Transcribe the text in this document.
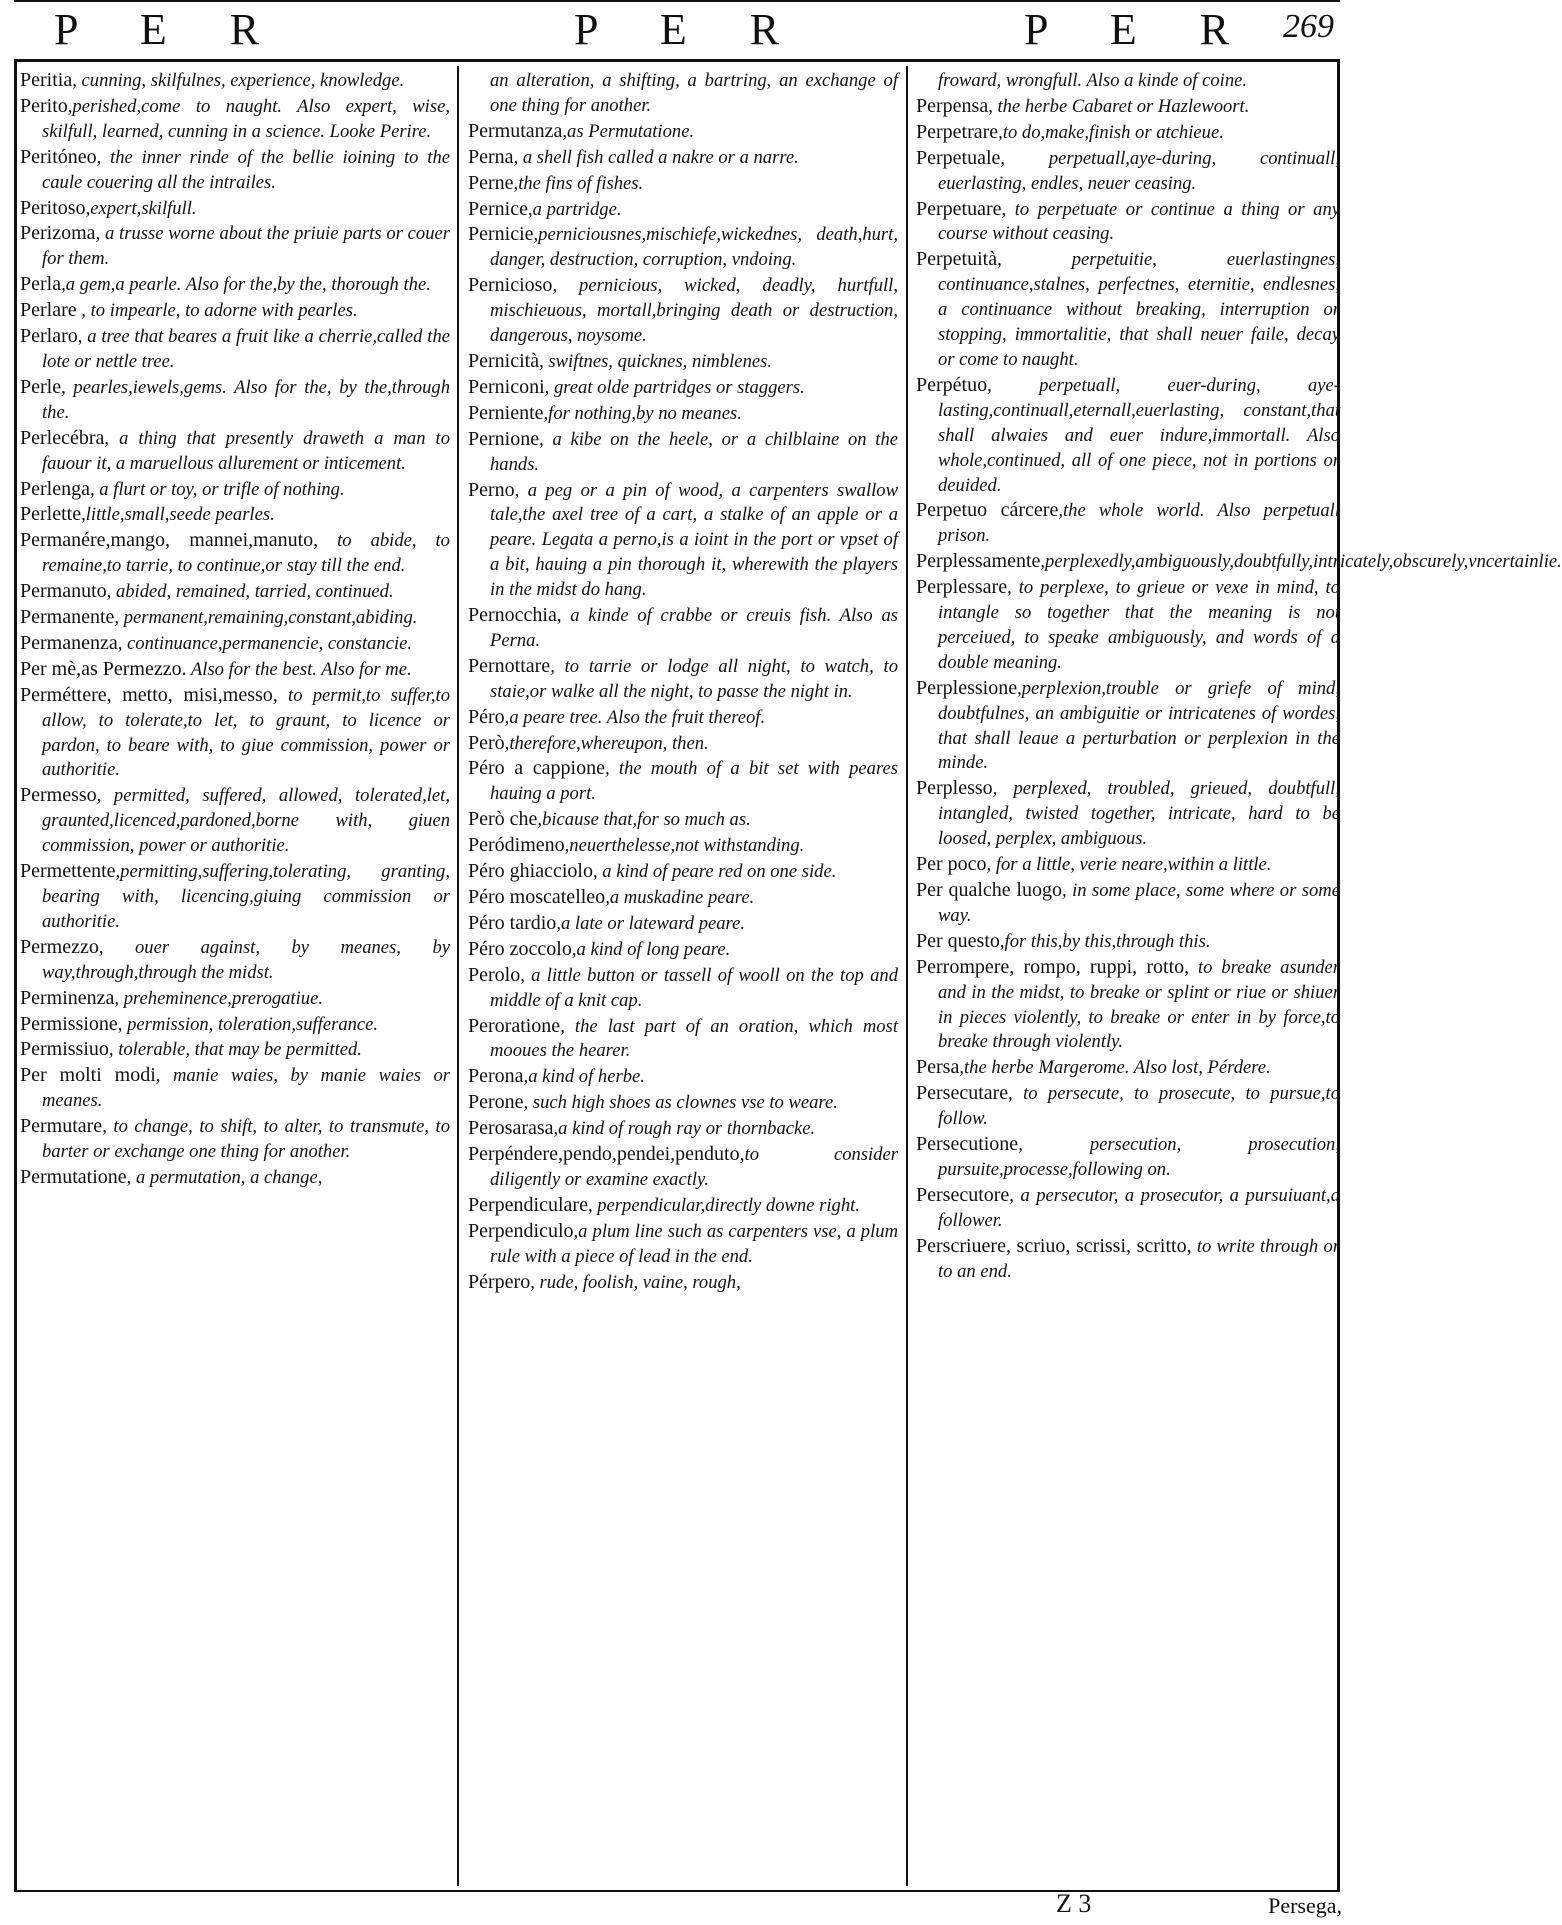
P E R	P E R	P E R 269

Peritia, cunning, skilfulnes, experience, knowledge.

Perito,perished,come to naught. Also expert, wise, skilfull, learned, cunning in a science. Looke Perire.

Peritóneo, the inner rinde of the bellie ioining to the caule couering all the intrailes.

Peritoso,expert,skilfull.

Perizoma, a trusse worne about the priuie parts or couer for them.

Perla,a gem,a pearle. Also for the,by the, thorough the.

Perlare , to impearle, to adorne with pearles.

Perlaro, a tree that beares a fruit like a cherrie,called the lote or nettle tree.

Perle, pearles,iewels,gems. Also for the, by the,through the.

Perlecébra, a thing that presently draweth a man to fauour it, a maruellous allurement or inticement.

Perlenga, a flurt or toy, or trifle of nothing.

Perlette,little,small,seede pearles.

Permanére,mango, mannei,manuto, to abide, to remaine,to tarrie, to continue,or stay till the end.

Permanuto, abided, remained, tarried, continued.

Permanente, permanent,remaining,constant,abiding.

Permanenza, continuance,permanencie, constancie.

Per mè,as Permezzo. Also for the best. Also for me.

Perméttere, metto, misi,messo, to permit,to suffer,to allow, to tolerate,to let, to graunt, to licence or pardon, to beare with, to giue commission, power or authoritie.

Permesso, permitted, suffered, allowed, tolerated,let, graunted,licenced,pardoned,borne with, giuen commission, power or authoritie.

Permettente,permitting,suffering,tolerating, granting, bearing with, licencing,giuing commission or authoritie.

Permezzo, ouer against, by meanes, by way,through,through the midst.

Perminenza, preheminence,prerogatiue.

Permissione, permission, toleration,sufferance.

Permissiuo, tolerable, that may be permitted.

Per molti modi, manie waies, by manie waies or meanes.

Permutare, to change, to shift, to alter, to transmute, to barter or exchange one thing for another.

Permutatione, a permutation, a change,

an alteration, a shifting, a bartring, an exchange of one thing for another.

Permutanza,as Permutatione.

Perna, a shell fish called a nakre or a narre.

Perne,the fins of fishes.

Pernice,a partridge.

Pernicie,perniciousnes,mischiefe,wickednes, death,hurt, danger, destruction, corruption, vndoing.

Pernicioso, pernicious, wicked, deadly, hurtfull, mischieuous, mortall,bringing death or destruction, dangerous, noysome.

Pernicità, swiftnes, quicknes, nimblenes.

Perniconi, great olde partridges or staggers.

Perniente,for nothing,by no meanes.

Pernione, a kibe on the heele, or a chilblaine on the hands.

Perno, a peg or a pin of wood, a carpenters swallow tale,the axel tree of a cart, a stalke of an apple or a peare. Legata a perno,is a ioint in the port or vpset of a bit, hauing a pin thorough it, wherewith the players in the midst do hang.

Pernocchia, a kinde of crabbe or creuis fish. Also as Perna.

Pernottare, to tarrie or lodge all night, to watch, to staie,or walke all the night, to passe the night in.

Péro,a peare tree. Also the fruit thereof.

Però,therefore,whereupon, then.

Péro a cappione, the mouth of a bit set with peares hauing a port.

Però che,bicause that,for so much as.

Peródimeno,neuerthelesse,not withstanding.

Péro ghiacciolo, a kind of peare red on one side.

Péro moscatelleo,a muskadine peare.

Péro tardio,a late or lateward peare.

Péro zoccolo,a kind of long peare.

Perolo, a little button or tassell of wooll on the top and middle of a knit cap.

Peroratione, the last part of an oration, which most mooues the hearer.

Perona,a kind of herbe.

Perone, such high shoes as clownes vse to weare.

Perosarasa,a kind of rough ray or thornbacke.

Perpéndere,pendo,pendei,penduto,to consider diligently or examine exactly.

Perpendiculare, perpendicular,directly downe right.

Perpendiculo,a plum line such as carpenters vse, a plum rule with a piece of lead in the end.

Pérpero, rude, foolish, vaine, rough,

froward, wrongfull. Also a kinde of coine.

Perpensa, the herbe Cabaret or Hazlewoort.

Perpetrare,to do,make,finish or atchieue.

Perpetuale, perpetuall,aye-during, continuall, euerlasting, endles, neuer ceasing.

Perpetuare, to perpetuate or continue a thing or any course without ceasing.

Perpetuità, perpetuitie, euerlastingnes, continuance,stalnes, perfectnes, eternitie, endlesnes, a continuance without breaking, interruption or stopping, immortalitie, that shall neuer faile, decay or come to naught.

Perpétuo, perpetuall, euer-during, aye-lasting,continuall,eternall,euerlasting, constant,that shall alwaies and euer indure,immortall. Also whole,continued, all of one piece, not in portions or deuided.

Perpetuo cárcere,the whole world. Also perpetuall prison.

Perplessamente,perplexedly,ambiguously,doubtfully,intricately,obscurely,vncertainlie.

Perplessare, to perplexe, to grieue or vexe in mind, to intangle so together that the meaning is not perceiued, to speake ambiguously, and words of a double meaning.

Perplessione,perplexion,trouble or griefe of mind, doubtfulnes, an ambiguitie or intricatenes of wordes, that shall leaue a perturbation or perplexion in the minde.

Perplesso, perplexed, troubled, grieued, doubtfull, intangled, twisted together, intricate, hard to be loosed, perplex, ambiguous.

Per poco, for a little, verie neare,within a little.

Per qualche luogo, in some place, some where or some way.

Per questo,for this,by this,through this.

Perrompere, rompo, ruppi, rotto, to breake asunder and in the midst, to breake or splint or riue or shiuer in pieces violently, to breake or enter in by force,to breake through violently.

Persa,the herbe Margerome. Also lost, Pérdere.

Persecutare, to persecute, to prosecute, to pursue,to follow.

Persecutione, persecution, prosecution, pursuite,processe,following on.

Persecutore, a persecutor, a prosecutor, a pursuiuant,a follower.

Perscriuere, scriuo, scrissi, scritto, to write through or to an end.

Z 3	Persega,
